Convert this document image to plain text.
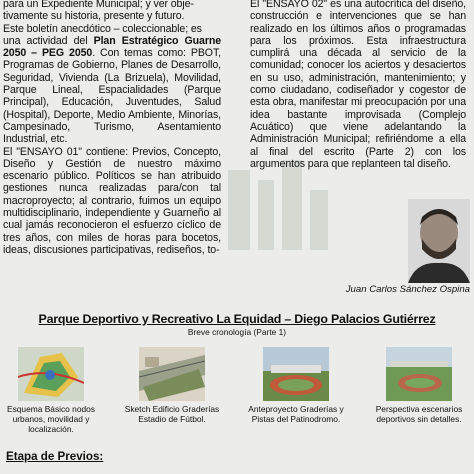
para un Expediente Municipal; y ver obje-
tivamente su historia, presente y futuro.
Este boletín anecdótico – coleccionable; es
una actividad del Plan Estratégico Guarne 2050 – PEG 2050. Con temas como: PBOT, Programas de Gobierno, Planes de Desarrollo, Seguridad, Vivienda (La Brizuela), Movilidad, Parque Lineal, Espacialidades (Parque Principal), Educación, Juventudes, Salud (Hospital), Deporte, Medio Ambiente, Minorías, Campesinado, Turismo, Asentamiento Industrial, etc.

El "ENSAYO 01" contiene: Previos, Concepto, Diseño y Gestión de nuestro máximo escenario público. Políticos se han atribuido gestiones nunca realizadas para/con tal macroproyecto; al contrario, fuimos un equipo multidisciplinario, independiente y Guarneño al cual jamás reconocieron el esfuerzo cíclico de tres años, con miles de horas para bocetos, ideas, discusiones participativas, rediseños, to-

El "ENSAYO 02" es una autocrítica del diseño, construcción e intervenciones que se han realizado en los últimos años o programadas para los próximos. Esta infraestructura cumplirá una década al servicio de la comunidad; conocer los aciertos y desaciertos en su uso, administración, mantenimiento; y como ciudadano, codiseñador y cogestor de esta obra, manifestar mi preocupación por una idea bastante improvisada (Complejo Acuático) que viene adelantando la Administración Municipal; refiriéndome a ella al final del escrito (Parte 2) con los argumentos para que replanteen tal diseño.

Juan Carlos Sánchez Ospina
Parque Deportivo y Recreativo La Equidad – Diego Palacios Gutiérrez
Breve cronología (Parte 1)
Esquema Básico nodos urbanos, movilidad y localización.
Sketch Edificio Graderías Estadio de Fútbol.
Anteproyecto Graderías y Pistas del Patinodromo.
Perspectiva escenarios deportivos sin detalles.
Etapa de Previos:
